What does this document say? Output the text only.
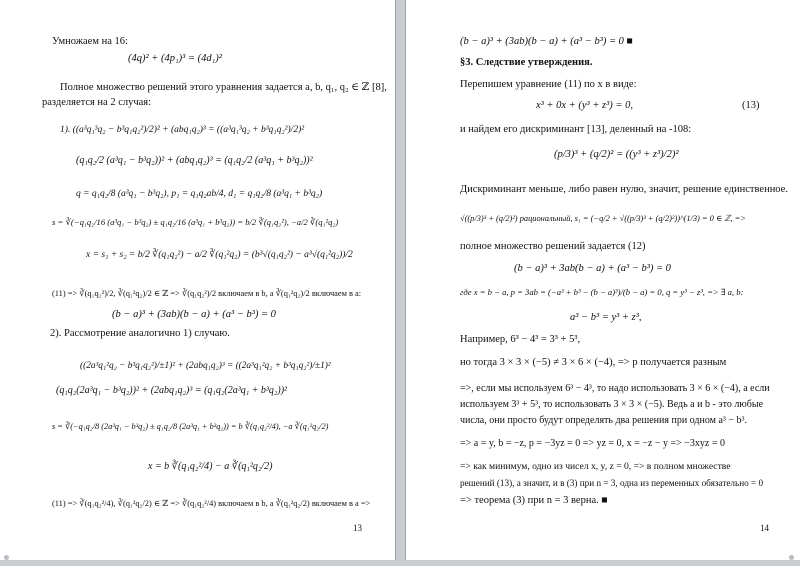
Умножаем на 16:
(4q)² + (4p₁)³ = (4d₁)²
Полное множество решений этого уравнения задается a, b, q₁, q₂ ∈ ℤ [8],
разделяется на 2 случая:
1). ((a³q₁³q₂ − b³q₁q₂²)/2)² + (abq₁q₂)³ = ((a³q₁³q₂ + b³q₁q₂²)/2)²
(q₁q₂/2 (a³q₁ − b³q₂))² + (abq₁q₂)³ = (q₁q₂/2 (a³q₁ + b³q₂))²
q = q₁q₂/8 (a³q₁ − b³q₂), p₁ = q₁q₂ab/4, d₁ = q₁q₂/8 (a³q₁ + b³q₂)
s = ∛(−q₁q₂/16 (a³q₁ − b³q₂) ± q₁q₂/16 (a³q₁ + b³q₂)) = b/2 ∛(q₁q₂²), −a/2 ∛(q₁²q₂)
x = s₁ + s₂ = b/2 ∛(q₁q₂²) − a/2 ∛(q₁²q₂) = (b³√(q₁q₂²) − a³√(q₁²q₂))/2
(11) => ∛(q₁q₂²)/2, ∛(q₁²q₂)/2 ∈ ℤ => ∛(q₁q₂²)/2 включаем в b, а ∛(q₁²q₂)/2 включаем в a:
(b − a)³ + (3ab)(b − a) + (a³ − b³) = 0
2). Рассмотрение аналогично 1) случаю.
((2a³q₁²q₂ − b³q₁q₂²)/±1)² + (2abq₁q₂)³ = ((2a³q₁²q₂ + b³q₁q₂²)/±1)²
(q₁q₂(2a³q₁ − b³q₂))² + (2abq₁q₂)³ = (q₁q₂(2a³q₁ + b³q₂))²
s = ∛(−q₁q₂/8 (2a³q₁ − b³q₂) ± q₁q₂/8 (2a³q₁ + b³q₂)) = b ∛(q₁q₂²/4), −a ∛(q₁²q₂/2)
x = b ∛(q₁q₂²/4) − a ∛(q₁²q₂/2)
(11) => ∛(q₁q₂²/4), ∛(q₁²q₂/2) ∈ ℤ => ∛(q₁q₂²/4) включаем в b, а ∛(q₁²q₂/2) включаем в a =>
13
(b − a)³ + (3ab)(b − a) + (a³ − b³) = 0 ■
§3. Следствие утверждения.
Перепишем уравнение (11) по x в виде:
x³ + 0x + (y³ + z³) = 0,	(13)
и найдем его дискриминант [13], деленный на -108:
(p/3)³ + (q/2)² = ((y³ + z³)/2)²
Дискриминант меньше, либо равен нулю, значит, решение единственное.
√((p/3)³ + (q/2)²) рациональный, s₁ = (−q/2 + √((p/3)³ + (q/2)²))^(1/3) = 0 ∈ ℤ, =>
полное множество решений задается (12)
(b − a)³ + 3ab(b − a) + (a³ − b³) = 0
где x = b − a, p = 3ab = (−a³ + b³ − (b − a)³)/(b − a) = 0, q = y³ − z³, => ∃ a, b:
a³ − b³ = y³ + z³,
Например, 6³ − 4³ = 3³ + 5³,
но тогда 3 × 3 × (−5) ≠ 3 × 6 × (−4), => p получается разным
=>, если мы используем 6³ − 4³, то надо использовать 3 × 6 × (−4), а если
используем 3³ + 5³, то использовать 3 × 3 × (−5). Ведь a и b - это любые
числа, они просто будут определять два решения при одном a³ − b³.
=> a = y, b = −z, p = −3yz = 0 => yz = 0, x = −z − y => −3xyz = 0
=> как минимум, одно из чисел x, y, z = 0, => в полном множестве
решений (13), а значит, и в (3) при n = 3, одна из переменных обязательно = 0
=> теорема (3) при n = 3 верна. ■
14
